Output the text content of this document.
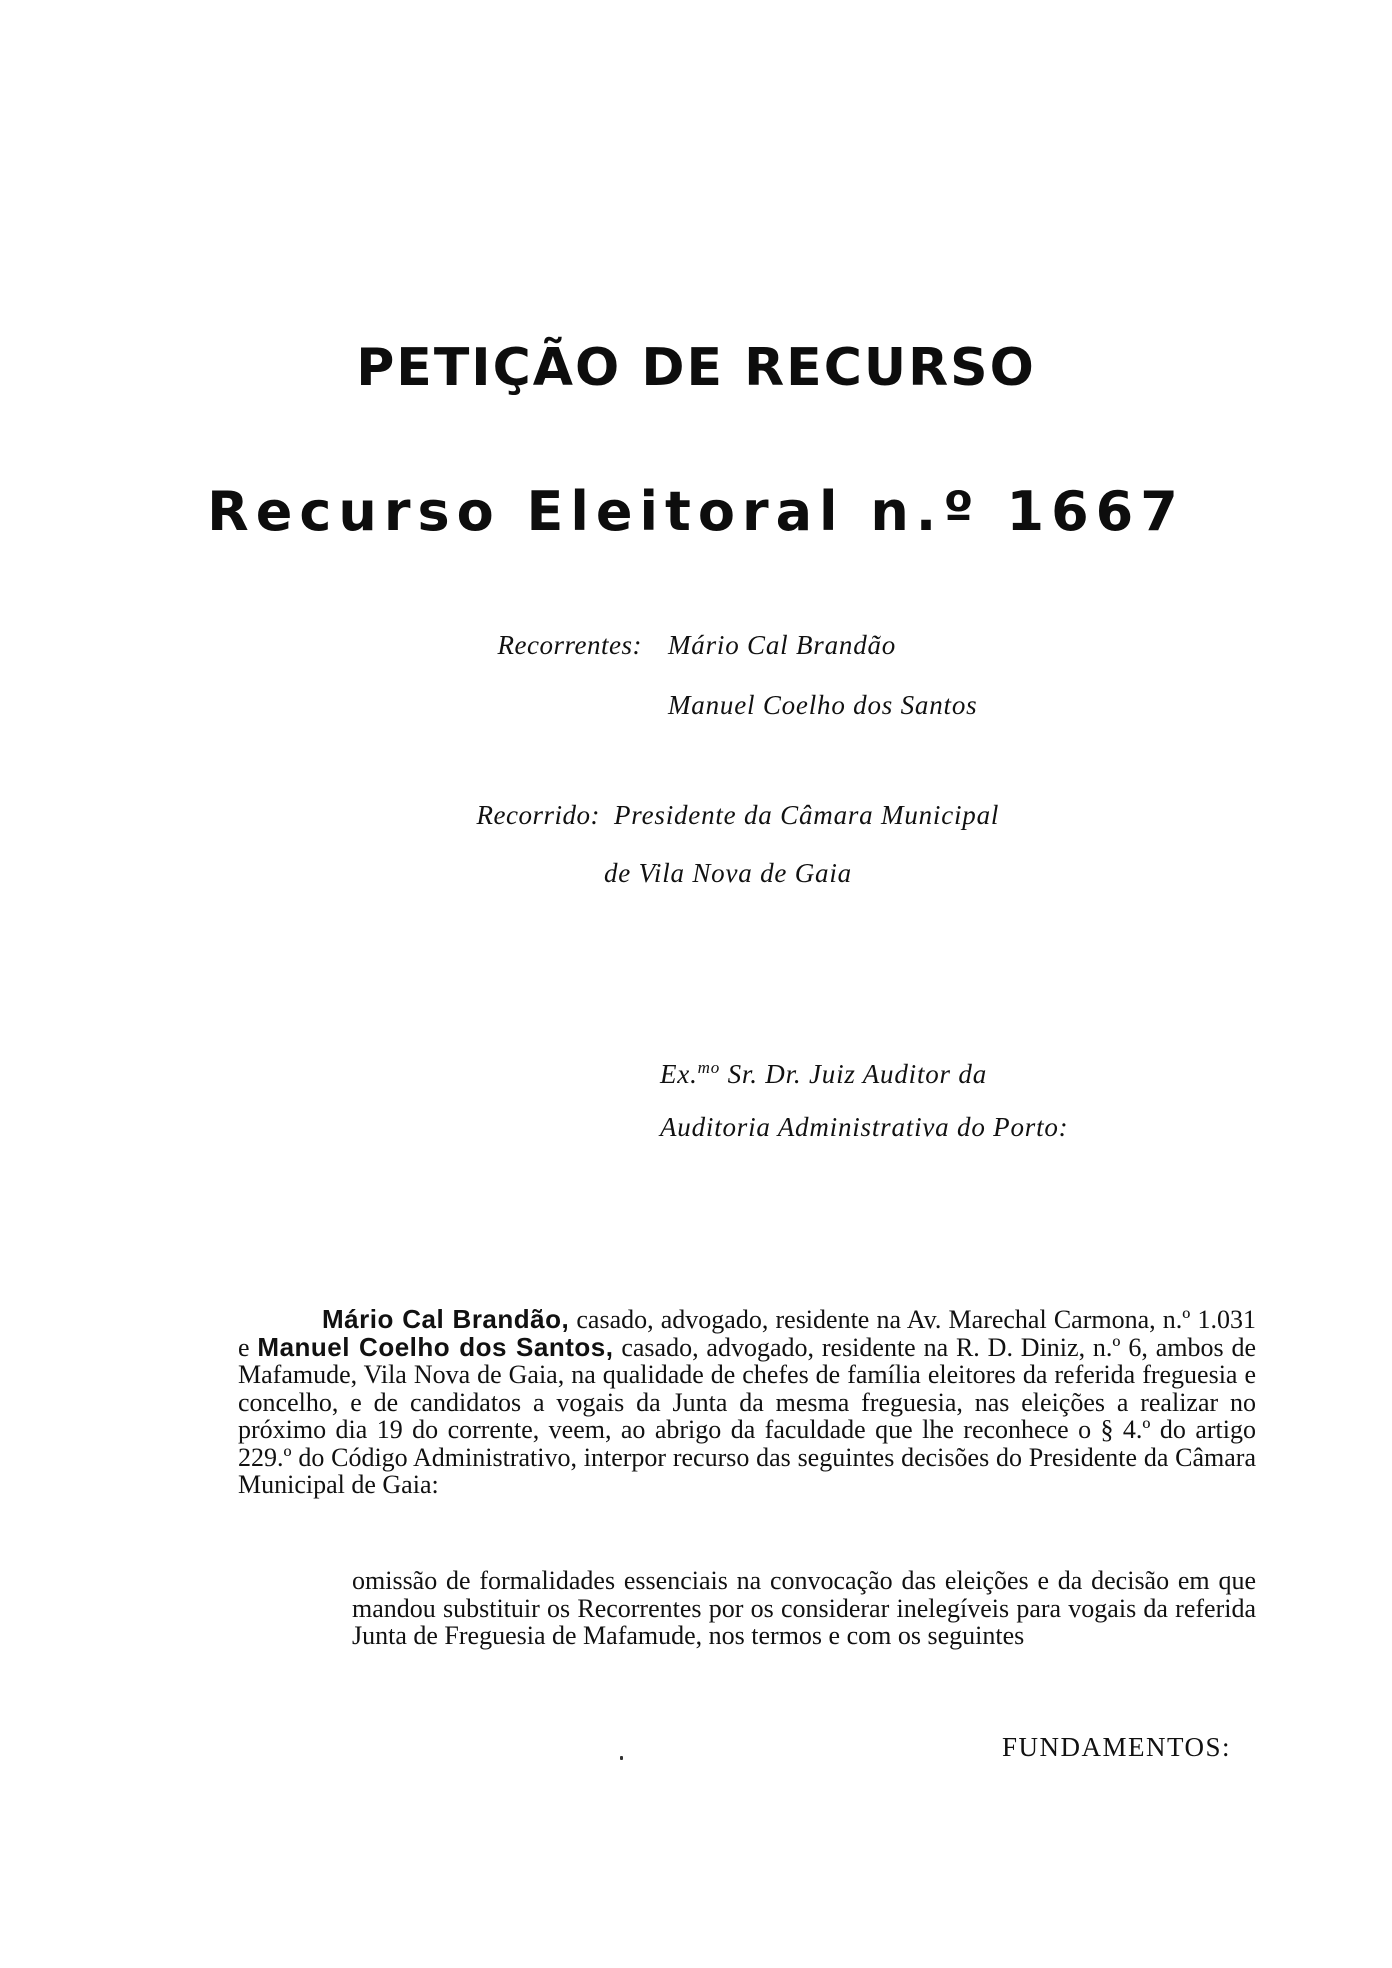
PETIÇÃO DE RECURSO
Recurso Eleitoral n.º 1667
Recorrentes: Mário Cal Brandão
Manuel Coelho dos Santos
Recorrido: Presidente da Câmara Municipal
de Vila Nova de Gaia
Ex.$^{mo}$ Sr. Dr. Juiz Auditor da
Auditoria Administrativa do Porto:

Mário Cal Brandão, casado, advogado, residente na Av. Marechal Carmona, n.º 1.031 e Manuel Coelho dos Santos, casado, advogado, residente na R. D. Diniz, n.º 6, ambos de Mafamude, Vila Nova de Gaia, na qualidade de chefes de família eleitores da referida freguesia e concelho, e de candidatos a vogais da Junta da mesma freguesia, nas eleições a realizar no próximo dia 19 do corrente, veem, ao abrigo da faculdade que lhe reconhece o § 4.º do artigo 229.º do Código Administrativo, interpor recurso das seguintes decisões do Presidente da Câmara Municipal de Gaia:

omissão de formalidades essenciais na convocação das eleições e da decisão em que mandou substituir os Recorrentes por os considerar inelegíveis para vogais da referida Junta de Freguesia de Mafamude, nos termos e com os seguintes

FUNDAMENTOS:
